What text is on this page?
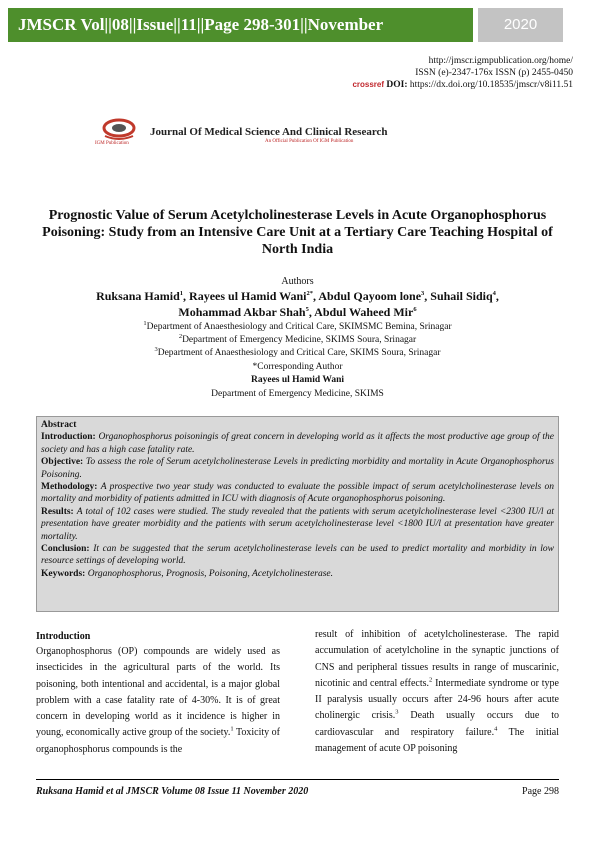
JMSCR Vol||08||Issue||11||Page 298-301||November	2020
http://jmscr.igmpublication.org/home/
ISSN (e)-2347-176x ISSN (p) 2455-0450
crossref DOI: https://dx.doi.org/10.18535/jmscr/v8i11.51
Journal Of Medical Science And Clinical Research
IGM Publication	An Official Publication Of IGM Publication
Prognostic Value of Serum Acetylcholinesterase Levels in Acute Organophosphorus Poisoning: Study from an Intensive Care Unit at a Tertiary Care Teaching Hospital of North India
Authors
Ruksana Hamid$^1$, Rayees ul Hamid Wani$^{2*}$, Abdul Qayoom lone$^3$, Suhail Sidiq$^4$,
Mohammad Akbar Shah$^5$, Abdul Waheed Mir$^6$
$^1$Department of Anaesthesiology and Critical Care, SKIMSMC Bemina, Srinagar
$^2$Department of Emergency Medicine, SKIMS Soura, Srinagar
$^3$Department of Anaesthesiology and Critical Care, SKIMS Soura, Srinagar
*Corresponding Author
Rayees ul Hamid Wani
Department of Emergency Medicine, SKIMS

Abstract

Introduction: Organophosphorus poisoningis of great concern in developing world as it affects the most productive age group of the society and has a high case fatality rate.

Objective: To assess the role of Serum acetylcholinesterase Levels in predicting morbidity and mortality in Acute Organophosphorus Poisoning.

Methodology: A prospective two year study was conducted to evaluate the possible impact of serum acetylcholinesterase levels on mortality and morbidity of patients admitted in ICU with diagnosis of Acute organophosphorus poisoning.

Results: A total of 102 cases were studied. The study revealed that the patients with serum acetylcholinesterase level <2300 IU/l at presentation have greater morbidity and the patients with serum acetylcholinesterase level <1800 IU/l at presentation have greater mortality.

Conclusion: It can be suggested that the serum acetylcholinesterase levels can be used to predict mortality and morbidity in low resource settings of developing world.

Keywords: Organophosphorus, Prognosis, Poisoning, Acetylcholinesterase.

Introduction

Organophosphorus (OP) compounds are widely used as insecticides in the agricultural parts of the world. Its poisoning, both intentional and accidental, is a major global problem with a case fatality rate of 4-30%. It is of great concern in developing world as it incidence is higher in young, economically active group of the society.$^1$ Toxicity of organophosphorus compounds is the

result of inhibition of acetylcholinesterase. The rapid accumulation of acetylcholine in the synaptic junctions of CNS and peripheral tissues results in range of muscarinic, nicotinic and central effects.$^2$ Intermediate syndrome or type II paralysis usually occurs after 24-96 hours after acute cholinergic crisis.$^3$ Death usually occurs due to cardiovascular and respiratory failure.$^4$ The initial management of acute OP poisoning

Ruksana Hamid et al JMSCR Volume 08 Issue 11 November 2020	Page 298
